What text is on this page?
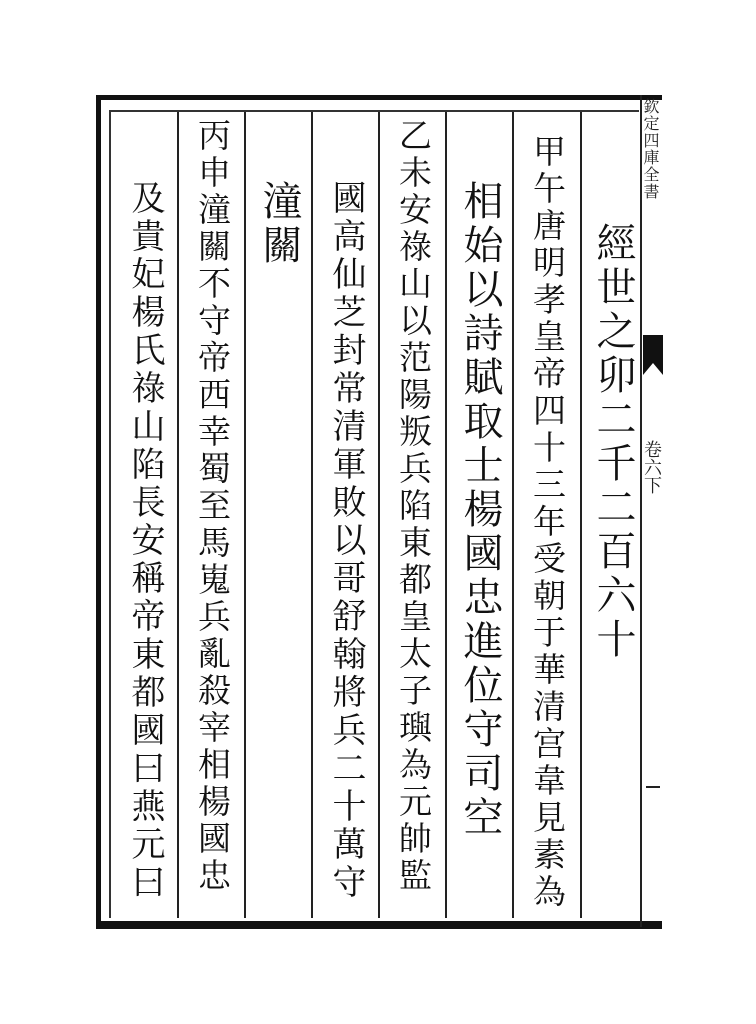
欽定四庫全書
卷六下
經世之卯二千二百六十
甲午唐明孝皇帝四十三年受朝于華清宫韋見素為
相始以詩賦取士楊國忠進位守司空
乙未安祿山以范陽叛兵陷東都皇太子璵為元帥監
國高仙芝封常清軍敗以哥舒翰將兵二十萬守
潼關
丙申潼關不守帝西幸蜀至馬嵬兵亂殺宰相楊國忠
及貴妃楊氏祿山陷長安稱帝東都國曰燕元曰
